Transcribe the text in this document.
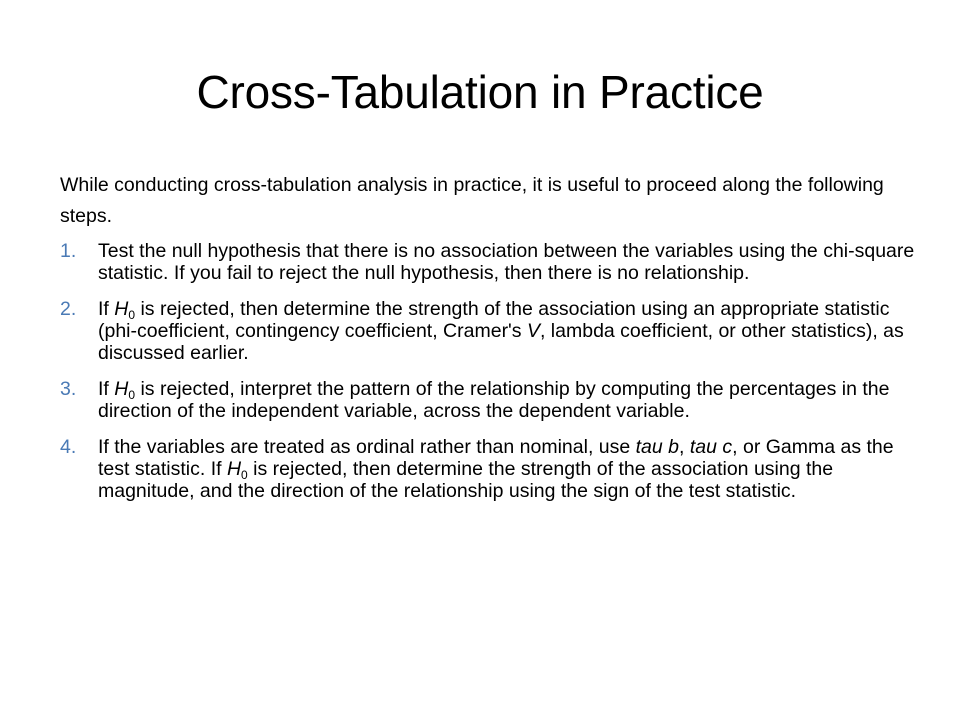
Cross-Tabulation in Practice

While conducting cross-tabulation analysis in practice, it is useful to proceed along the following steps.

1.	Test the null hypothesis that there is no association between the variables using the chi-square statistic. If you fail to reject the null hypothesis, then there is no relationship.
2.	If $H_0$ is rejected, then determine the strength of the association using an appropriate statistic (phi-coefficient, contingency coefficient, Cramer's V, lambda coefficient, or other statistics), as discussed earlier.
3.	If $H_0$ is rejected, interpret the pattern of the relationship by computing the percentages in the direction of the independent variable, across the dependent variable.
4.	If the variables are treated as ordinal rather than nominal, use tau b, tau c, or Gamma as the test statistic. If $H_0$ is rejected, then determine the strength of the association using the magnitude, and the direction of the relationship using the sign of the test statistic.
